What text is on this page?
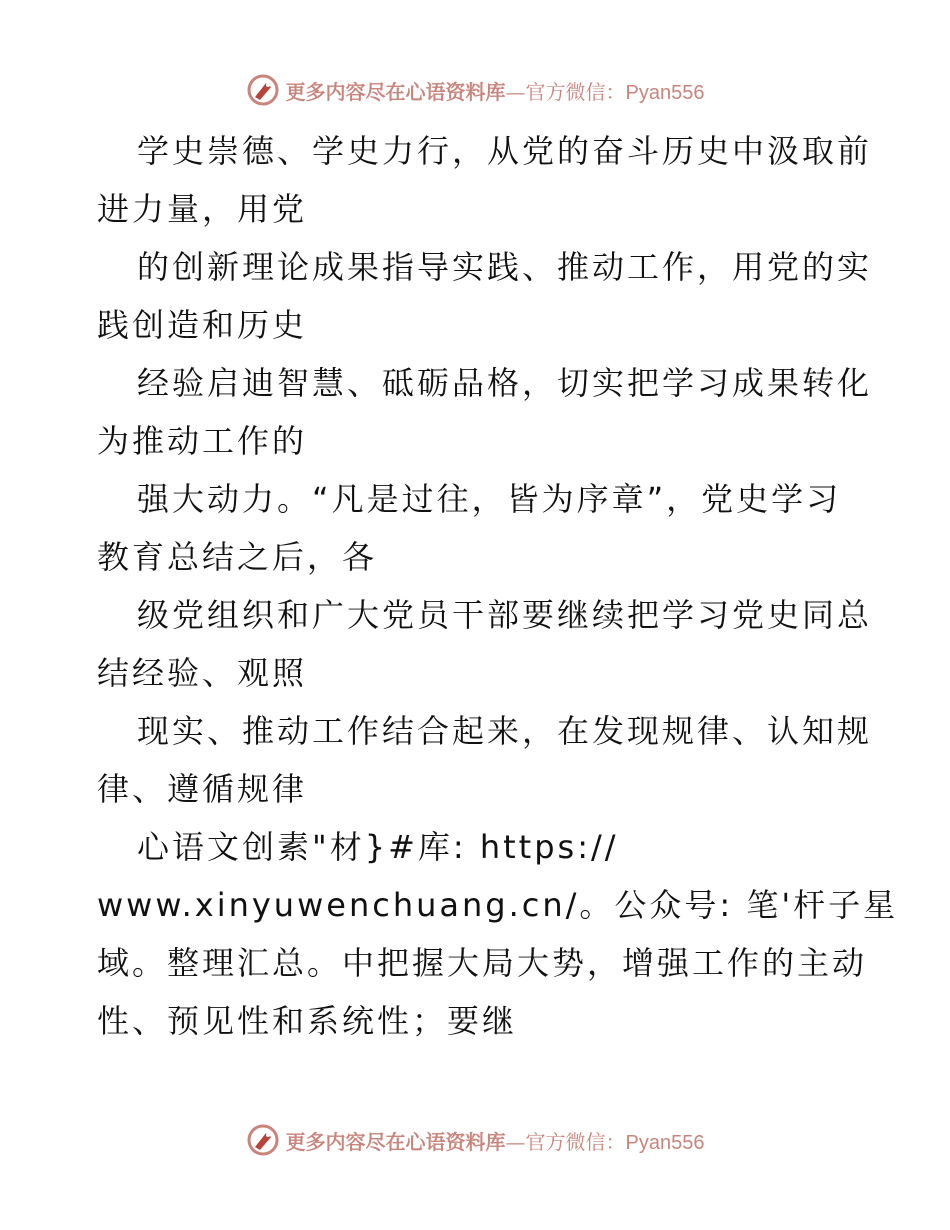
更多内容尽在心语资料库—官方微信：Pyan556
学史崇德、学史力行，从党的奋斗历史中汲取前
进力量，用党
的创新理论成果指导实践、推动工作，用党的实
践创造和历史
经验启迪智慧、砥砺品格，切实把学习成果转化
为推动工作的
强大动力。“凡是过往，皆为序章”，党史学习
教育总结之后，各
级党组织和广大党员干部要继续把学习党史同总
结经验、观照
现实、推动工作结合起来，在发现规律、认知规
律、遵循规律
心语文创素"材}#库: https://
www.xinyuwenchuang.cn/。公众号: 笔'杆子星
域。整理汇总。中把握大局大势，增强工作的主动
性、预见性和系统性；要继
更多内容尽在心语资料库—官方微信：Pyan556
